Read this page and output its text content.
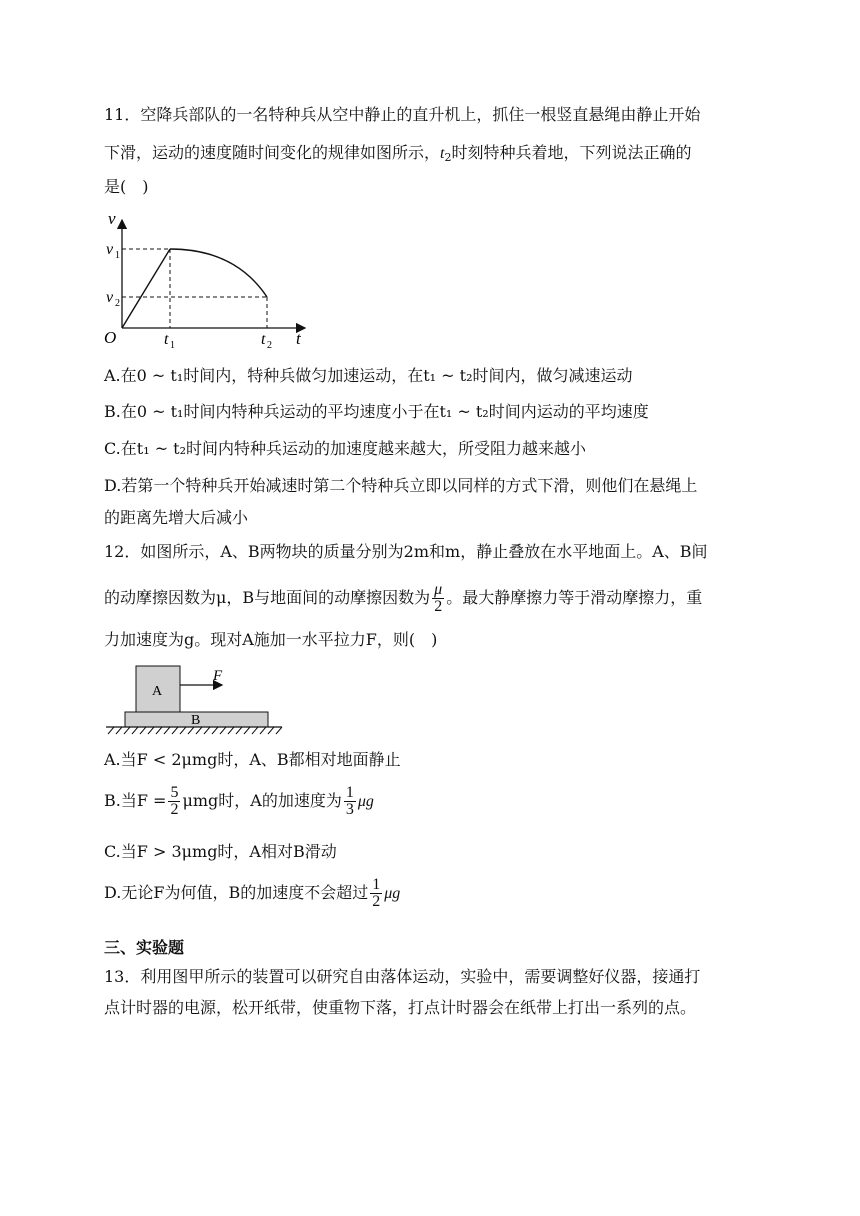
11．空降兵部队的一名特种兵从空中静止的直升机上，抓住一根竖直悬绳由静止开始
下滑，运动的速度随时间变化的规律如图所示，$t_2$时刻特种兵着地，下列说法正确的
是(　)
v
v 1
v 2
O	t 1	t 2 t
A.在0 ~ t₁时间内，特种兵做匀加速运动，在t₁ ~ t₂时间内，做匀减速运动
B.在0 ~ t₁时间内特种兵运动的平均速度小于在t₁ ~ t₂时间内运动的平均速度
C.在t₁ ~ t₂时间内特种兵运动的加速度越来越大，所受阻力越来越小
D.若第一个特种兵开始减速时第二个特种兵立即以同样的方式下滑，则他们在悬绳上
的距离先增大后减小
12．如图所示，A、B两物块的质量分别为2m和m，静止叠放在水平地面上。A、B间
的动摩擦因数为μ，B与地面间的动摩擦因数为 $\frac{\mu}{2}$ 。最大静摩擦力等于滑动摩擦力，重
力加速度为g。现对A施加一水平拉力F，则(　)
A
B
F
A.当F < 2μmg时，A、B都相对地面静止
B.当$F = \frac{5}{2}$ μmg时，A的加速度为 $\frac{1}{3}$ μg
C.当F > 3μmg时，A相对B滑动
D.无论F为何值，B的加速度不会超过 $\frac{1}{2}$ μg
三、实验题
13．利用图甲所示的装置可以研究自由落体运动，实验中，需要调整好仪器，接通打
点计时器的电源，松开纸带，使重物下落，打点计时器会在纸带上打出一系列的点。
